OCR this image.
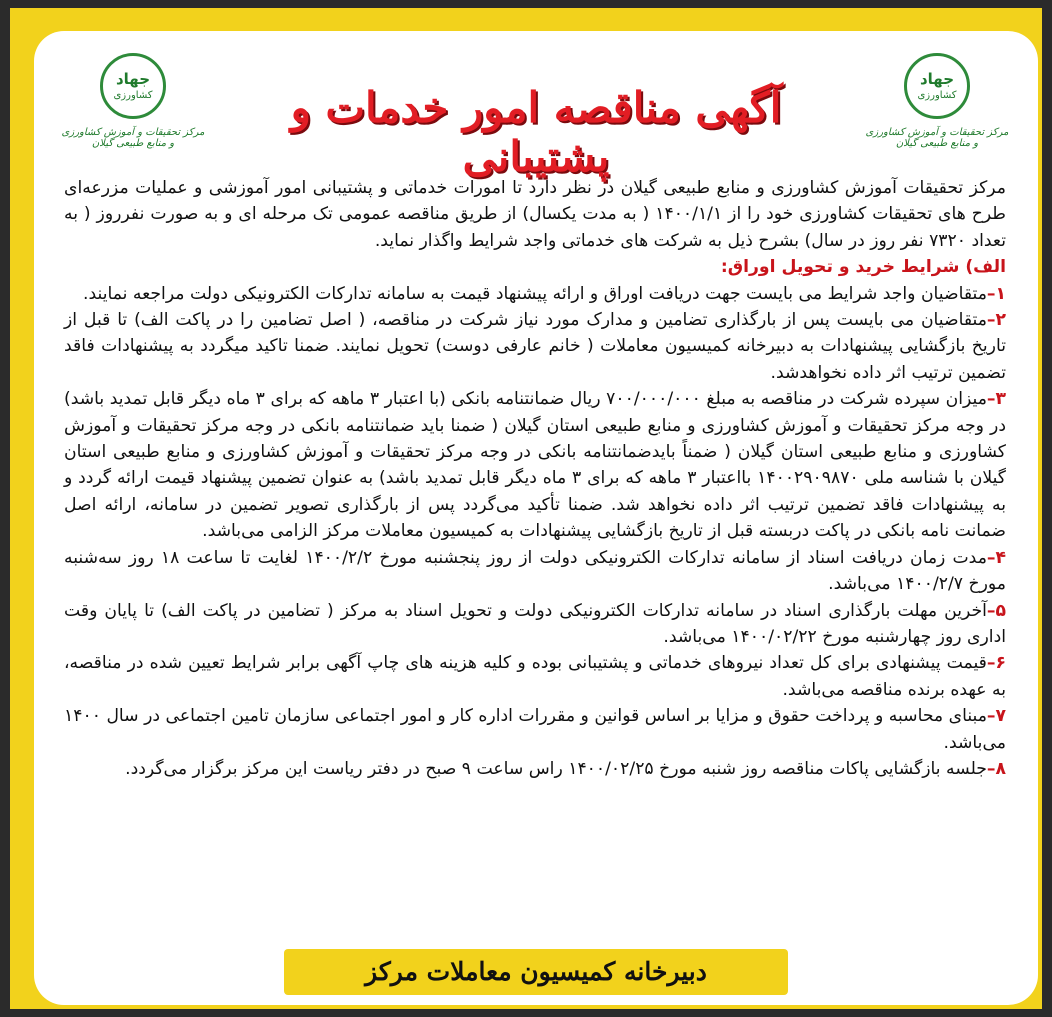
جهاد
کشاورزی
مرکز تحقیقات و آموزش کشاورزی و منابع طبیعی گیلان
جهاد
کشاورزی
مرکز تحقیقات و آموزش کشاورزی و منابع طبیعی گیلان
آگهی مناقصه امور خدمات و پشتیبانی

مرکز تحقیقات آموزش کشاورزی و منابع طبیعی گیلان در نظر دارد تا امورات خدماتی و پشتیبانی امور آموزشی و عملیات مزرعه‌ای طرح های تحقیقات کشاورزی خود را از ۱۴۰۰/۱/۱ ( به مدت یکسال) از طریق مناقصه عمومی تک مرحله ای و به صورت نفرروز ( به تعداد ۷۳۲۰ نفر روز در سال) بشرح ذیل به شرکت های خدماتی واجد شرایط واگذار نماید.

الف) شرایط خرید و تحویل اوراق:

۱–متقاضیان واجد شرایط می بایست جهت دریافت اوراق و ارائه پیشنهاد قیمت به سامانه تدارکات الکترونیکی دولت مراجعه نمایند.

۲–متقاضیان می بایست پس از بارگذاری تضامین و مدارک مورد نیاز شرکت در مناقصه، ( اصل تضامین را در پاکت الف) تا قبل از تاریخ بازگشایی پیشنهادات به دبیرخانه کمیسیون معاملات ( خانم عارفی دوست) تحویل نمایند. ضمنا تاکید میگردد به پیشنهادات فاقد تضمین ترتیب اثر داده نخواهدشد.

۳–میزان سپرده شرکت در مناقصه به مبلغ ۷۰۰/۰۰۰/۰۰۰ ریال ضمانتنامه بانکی (با اعتبار ۳ ماهه که برای ۳ ماه دیگر قابل تمدید باشد) در وجه مرکز تحقیقات و آموزش کشاورزی و منابع طبیعی استان گیلان ( ضمنا باید ضمانتنامه بانکی در وجه مرکز تحقیقات و آموزش کشاورزی و منابع طبیعی استان گیلان ( ضمناً بایدضمانتنامه بانکی در وجه مرکز تحقیقات و آموزش کشاورزی و منابع طبیعی استان گیلان با شناسه ملی ۱۴۰۰۲۹۰۹۸۷۰ بااعتبار ۳ ماهه که برای ۳ ماه دیگر قابل تمدید باشد) به عنوان تضمین پیشنهاد قیمت ارائه گردد و به پیشنهادات فاقد تضمین ترتیب اثر داده نخواهد شد. ضمنا تأکید می‌گردد پس از بارگذاری تصویر تضمین در سامانه، ارائه اصل ضمانت نامه بانکی در پاکت دربسته قبل از تاریخ بازگشایی پیشنهادات به کمیسیون معاملات مرکز الزامی می‌باشد.

۴–مدت زمان دریافت اسناد از سامانه تدارکات الکترونیکی دولت از روز پنجشنبه مورخ ۱۴۰۰/۲/۲ لغایت تا ساعت ۱۸ روز سه‌شنبه مورخ ۱۴۰۰/۲/۷ می‌باشد.

۵–آخرین مهلت بارگذاری اسناد در سامانه تدارکات الکترونیکی دولت و تحویل اسناد به مرکز ( تضامین در پاکت الف) تا پایان وقت اداری روز چهارشنبه مورخ ۱۴۰۰/۰۲/۲۲ می‌باشد.

۶–قیمت پیشنهادی برای کل تعداد نیروهای خدماتی و پشتیبانی بوده و کلیه هزینه های چاپ آگهی برابر شرایط تعیین شده در مناقصه، به عهده برنده مناقصه می‌باشد.

۷–مبنای محاسبه و پرداخت حقوق و مزایا بر اساس قوانین و مقررات اداره کار و امور اجتماعی سازمان تامین اجتماعی در سال ۱۴۰۰ می‌باشد.

۸–جلسه بازگشایی پاکات مناقصه روز شنبه مورخ ۱۴۰۰/۰۲/۲۵ راس ساعت ۹ صبح در دفتر ریاست این مرکز برگزار می‌گردد.

دبیرخانه کمیسیون معاملات مرکز
